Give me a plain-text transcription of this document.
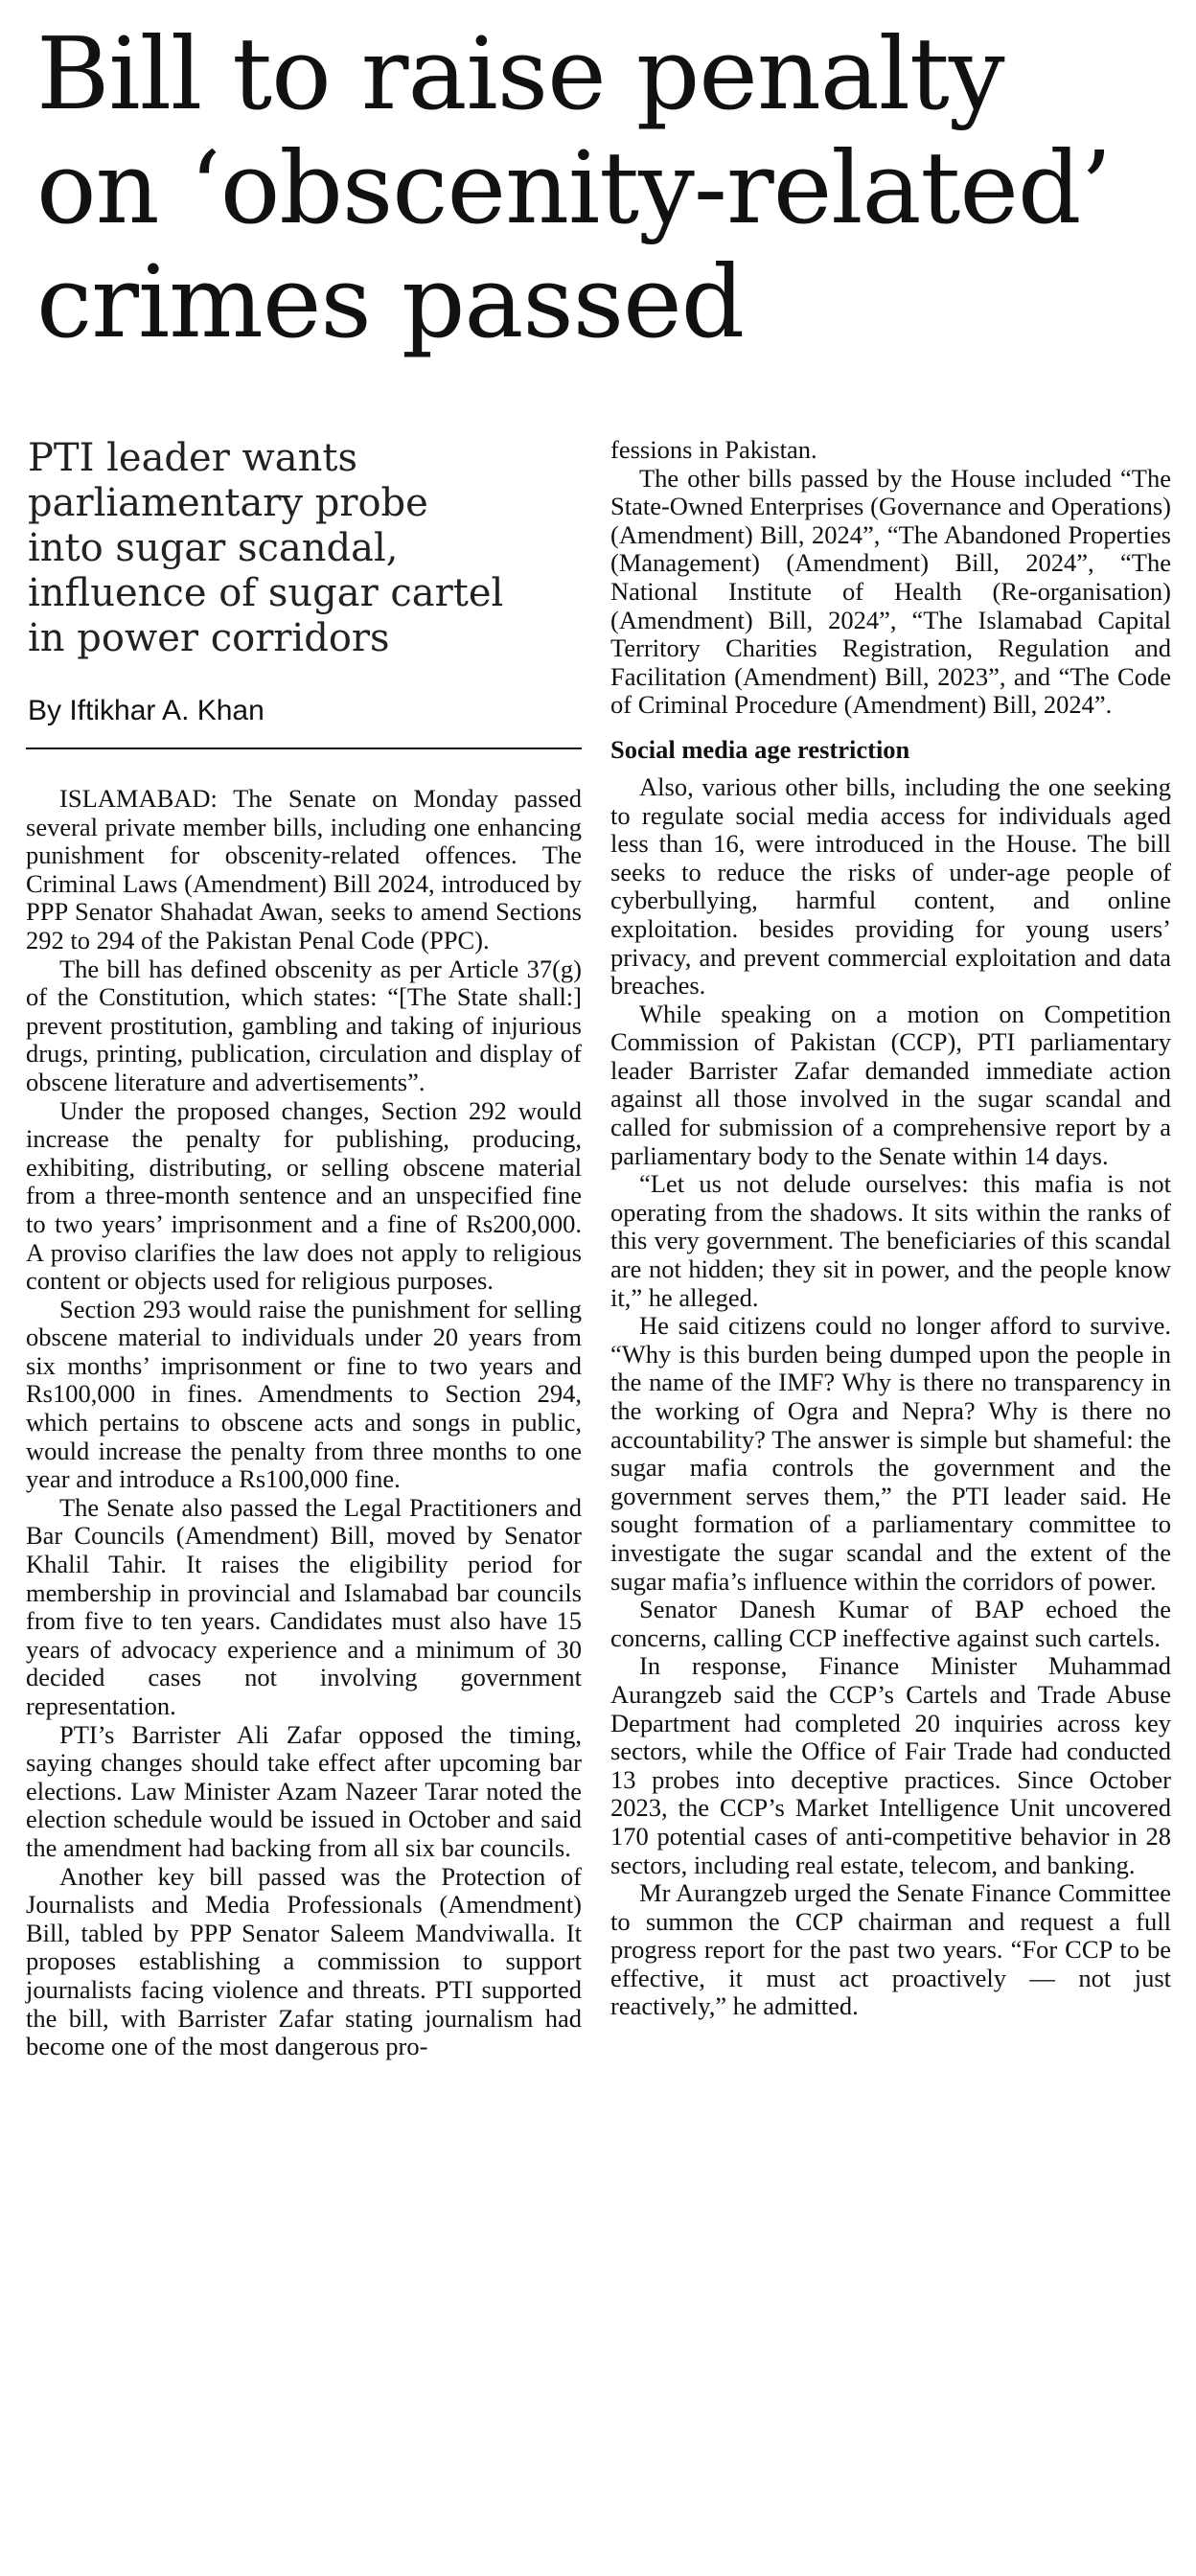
Bill to raise penalty
on ‘obscenity-related’
crimes passed
PTI leader wants
parliamentary probe
into sugar scandal,
influence of sugar cartel
in power corridors
By Iftikhar A. Khan

ISLAMABAD: The Senate on Monday passed several private member bills, including one enhancing punishment for obscenity-related offences. The Criminal Laws (Amendment) Bill 2024, introduced by PPP Senator Shahadat Awan, seeks to amend Sections 292 to 294 of the Pakistan Penal Code (PPC).

The bill has defined obscenity as per Article 37(g) of the Constitution, which states: “[The State shall:] prevent prostitution, gambling and taking of injurious drugs, printing, publication, circulation and display of obscene literature and advertisements”.

Under the proposed changes, Section 292 would increase the penalty for publishing, producing, exhibiting, distributing, or selling obscene material from a three-month sentence and an unspecified fine to two years’ imprisonment and a fine of Rs200,000. A proviso clarifies the law does not apply to religious content or objects used for religious purposes.

Section 293 would raise the punishment for selling obscene material to individuals under 20 years from six months’ imprisonment or fine to two years and Rs100,000 in fines. Amendments to Section 294, which pertains to obscene acts and songs in public, would increase the penalty from three months to one year and introduce a Rs100,000 fine.

The Senate also passed the Legal Practitioners and Bar Councils (Amendment) Bill, moved by Senator Khalil Tahir. It raises the eligibility period for membership in provincial and Islamabad bar councils from five to ten years. Candidates must also have 15 years of advocacy experience and a minimum of 30 decided cases not involving government representation.

PTI’s Barrister Ali Zafar opposed the timing, saying changes should take effect after upcoming bar elections. Law Minister Azam Nazeer Tarar noted the election schedule would be issued in October and said the amendment had backing from all six bar councils.

Another key bill passed was the Protection of Journalists and Media Professionals (Amendment) Bill, tabled by PPP Senator Saleem Mandviwalla. It proposes establishing a commission to support journalists facing violence and threats. PTI supported the bill, with Barrister Zafar stating journalism had become one of the most dangerous pro-

fessions in Pakistan.

The other bills passed by the House included “The State-Owned Enterprises (Governance and Operations) (Amendment) Bill, 2024”, “The Abandoned Properties (Management) (Amendment) Bill, 2024”, “The National Institute of Health (Re-organisation) (Amendment) Bill, 2024”, “The Islamabad Capital Territory Charities Registration, Regulation and Facilitation (Amendment) Bill, 2023”, and “The Code of Criminal Procedure (Amendment) Bill, 2024”.

Social media age restriction

Also, various other bills, including the one seeking to regulate social media access for individuals aged less than 16, were introduced in the House. The bill seeks to reduce the risks of under-age people of cyberbullying, harmful content, and online exploitation. besides providing for young users’ privacy, and prevent commercial exploitation and data breaches.

While speaking on a motion on Competition Commission of Pakistan (CCP), PTI parliamentary leader Barrister Zafar demanded immediate action against all those involved in the sugar scandal and called for submission of a comprehensive report by a parliamentary body to the Senate within 14 days.

“Let us not delude ourselves: this mafia is not operating from the shadows. It sits within the ranks of this very government. The beneficiaries of this scandal are not hidden; they sit in power, and the people know it,” he alleged.

He said citizens could no longer afford to survive. “Why is this burden being dumped upon the people in the name of the IMF? Why is there no transparency in the working of Ogra and Nepra? Why is there no accountability? The answer is simple but shameful: the sugar mafia controls the government and the government serves them,” the PTI leader said. He sought formation of a parliamentary committee to investigate the sugar scandal and the extent of the sugar mafia’s influence within the corridors of power.

Senator Danesh Kumar of BAP echoed the concerns, calling CCP ineffective against such cartels.

In response, Finance Minister Muhammad Aurangzeb said the CCP’s Cartels and Trade Abuse Department had completed 20 inquiries across key sectors, while the Office of Fair Trade had conducted 13 probes into deceptive practices. Since October 2023, the CCP’s Market Intelligence Unit uncovered 170 potential cases of anti-competitive behavior in 28 sectors, including real estate, telecom, and banking.

Mr Aurangzeb urged the Senate Finance Committee to summon the CCP chairman and request a full progress report for the past two years. “For CCP to be effective, it must act proactively — not just reactively,” he admitted.
